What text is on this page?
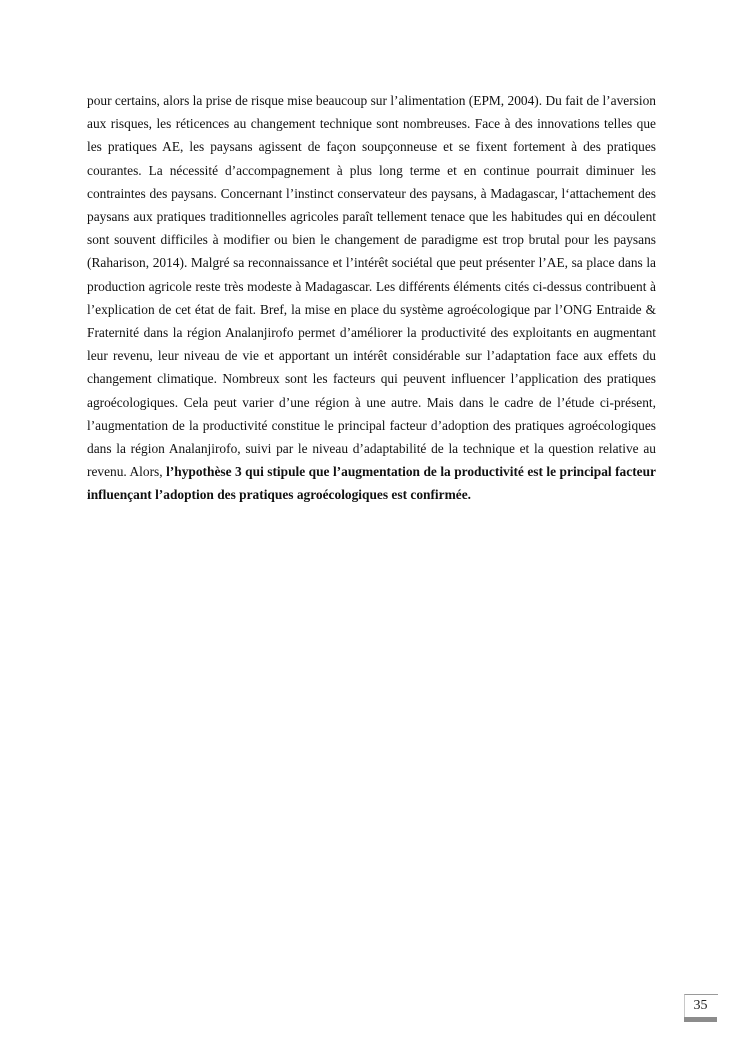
pour certains, alors la prise de risque mise beaucoup sur l’alimentation (EPM, 2004). Du fait de l’aversion aux risques, les réticences au changement technique sont nombreuses. Face à des innovations telles que les pratiques AE, les paysans agissent de façon soupçonneuse et se fixent fortement à des pratiques courantes. La nécessité d’accompagnement à plus long terme et en continue pourrait diminuer les contraintes des paysans. Concernant l’instinct conservateur des paysans, à Madagascar, l‘attachement des paysans aux pratiques traditionnelles agricoles paraît tellement tenace que les habitudes qui en découlent sont souvent difficiles à modifier ou bien le changement de paradigme est trop brutal pour les paysans (Raharison, 2014). Malgré sa reconnaissance et l’intérêt sociétal que peut présenter l’AE, sa place dans la production agricole reste très modeste à Madagascar. Les différents éléments cités ci-dessus contribuent à l’explication de cet état de fait. Bref, la mise en place du système agroécologique par l’ONG Entraide & Fraternité dans la région Analanjirofo permet d’améliorer la productivité des exploitants en augmentant leur revenu, leur niveau de vie et apportant un intérêt considérable sur l’adaptation face aux effets du changement climatique. Nombreux sont les facteurs qui peuvent influencer l’application des pratiques agroécologiques. Cela peut varier d’une région à une autre. Mais dans le cadre de l’étude ci-présent, l’augmentation de la productivité constitue le principal facteur d’adoption des pratiques agroécologiques dans la région Analanjirofo, suivi par le niveau d’adaptabilité de la technique et la question relative au revenu. Alors, l’hypothèse 3 qui stipule que l’augmentation de la productivité est le principal facteur influençant l’adoption des pratiques agroécologiques est confirmée.

35
